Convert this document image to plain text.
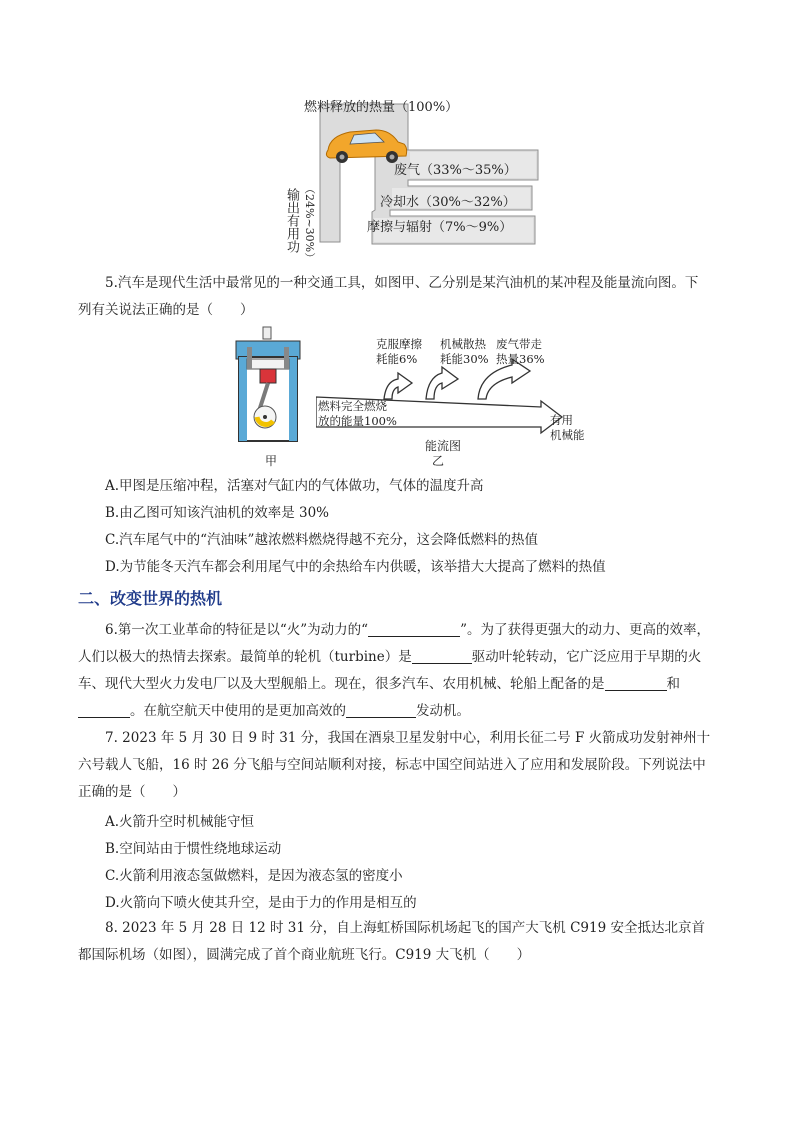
燃料释放的热量（100%）
废气（33%～35%）
冷却水（30%～32%）
摩擦与辐射（7%～9%）
输出有用功 （24%~30%）
5.汽车是现代生活中最常见的一种交通工具，如图甲、乙分别是某汽油机的某冲程及能量流向图。下
列有关说法正确的是（　　）
甲
克服摩擦
耗能6%
机械散热
耗能30%
废气带走
热量36%
燃料完全燃烧
放的能量100%	有用
机械能
能流图
乙
A.甲图是压缩冲程，活塞对气缸内的气体做功，气体的温度升高
B.由乙图可知该汽油机的效率是 30%
C.汽车尾气中的“汽油味”越浓燃料燃烧得越不充分，这会降低燃料的热值
D.为节能冬天汽车都会利用尾气中的余热给车内供暖，该举措大大提高了燃料的热值
二、改变世界的热机
6.第一次工业革命的特征是以“火”为动力的“	”。为了获得更强大的动力、更高的效率，人们以极大的热情去探索。最简单的轮机（turbine）是	驱动叶轮转动，它广泛应用于早期的火车、现代大型火力发电厂以及大型舰船上。现在，很多汽车、农用机械、轮船上配备的是	和
。在航空航天中使用的是更加高效的	发动机。
7. 2023 年 5 月 30 日 9 时 31 分，我国在酒泉卫星发射中心，利用长征二号 F 火箭成功发射神州十六号载人飞船，16 时 26 分飞船与空间站顺利对接，标志中国空间站进入了应用和发展阶段。下列说法中正确的是（　　）
A.火箭升空时机械能守恒
B.空间站由于惯性绕地球运动
C.火箭利用液态氢做燃料，是因为液态氢的密度小
D.火箭向下喷火使其升空，是由于力的作用是相互的
8. 2023 年 5 月 28 日 12 时 31 分，自上海虹桥国际机场起飞的国产大飞机 C919 安全抵达北京首都国际机场（如图），圆满完成了首个商业航班飞行。C919 大飞机（　　）
